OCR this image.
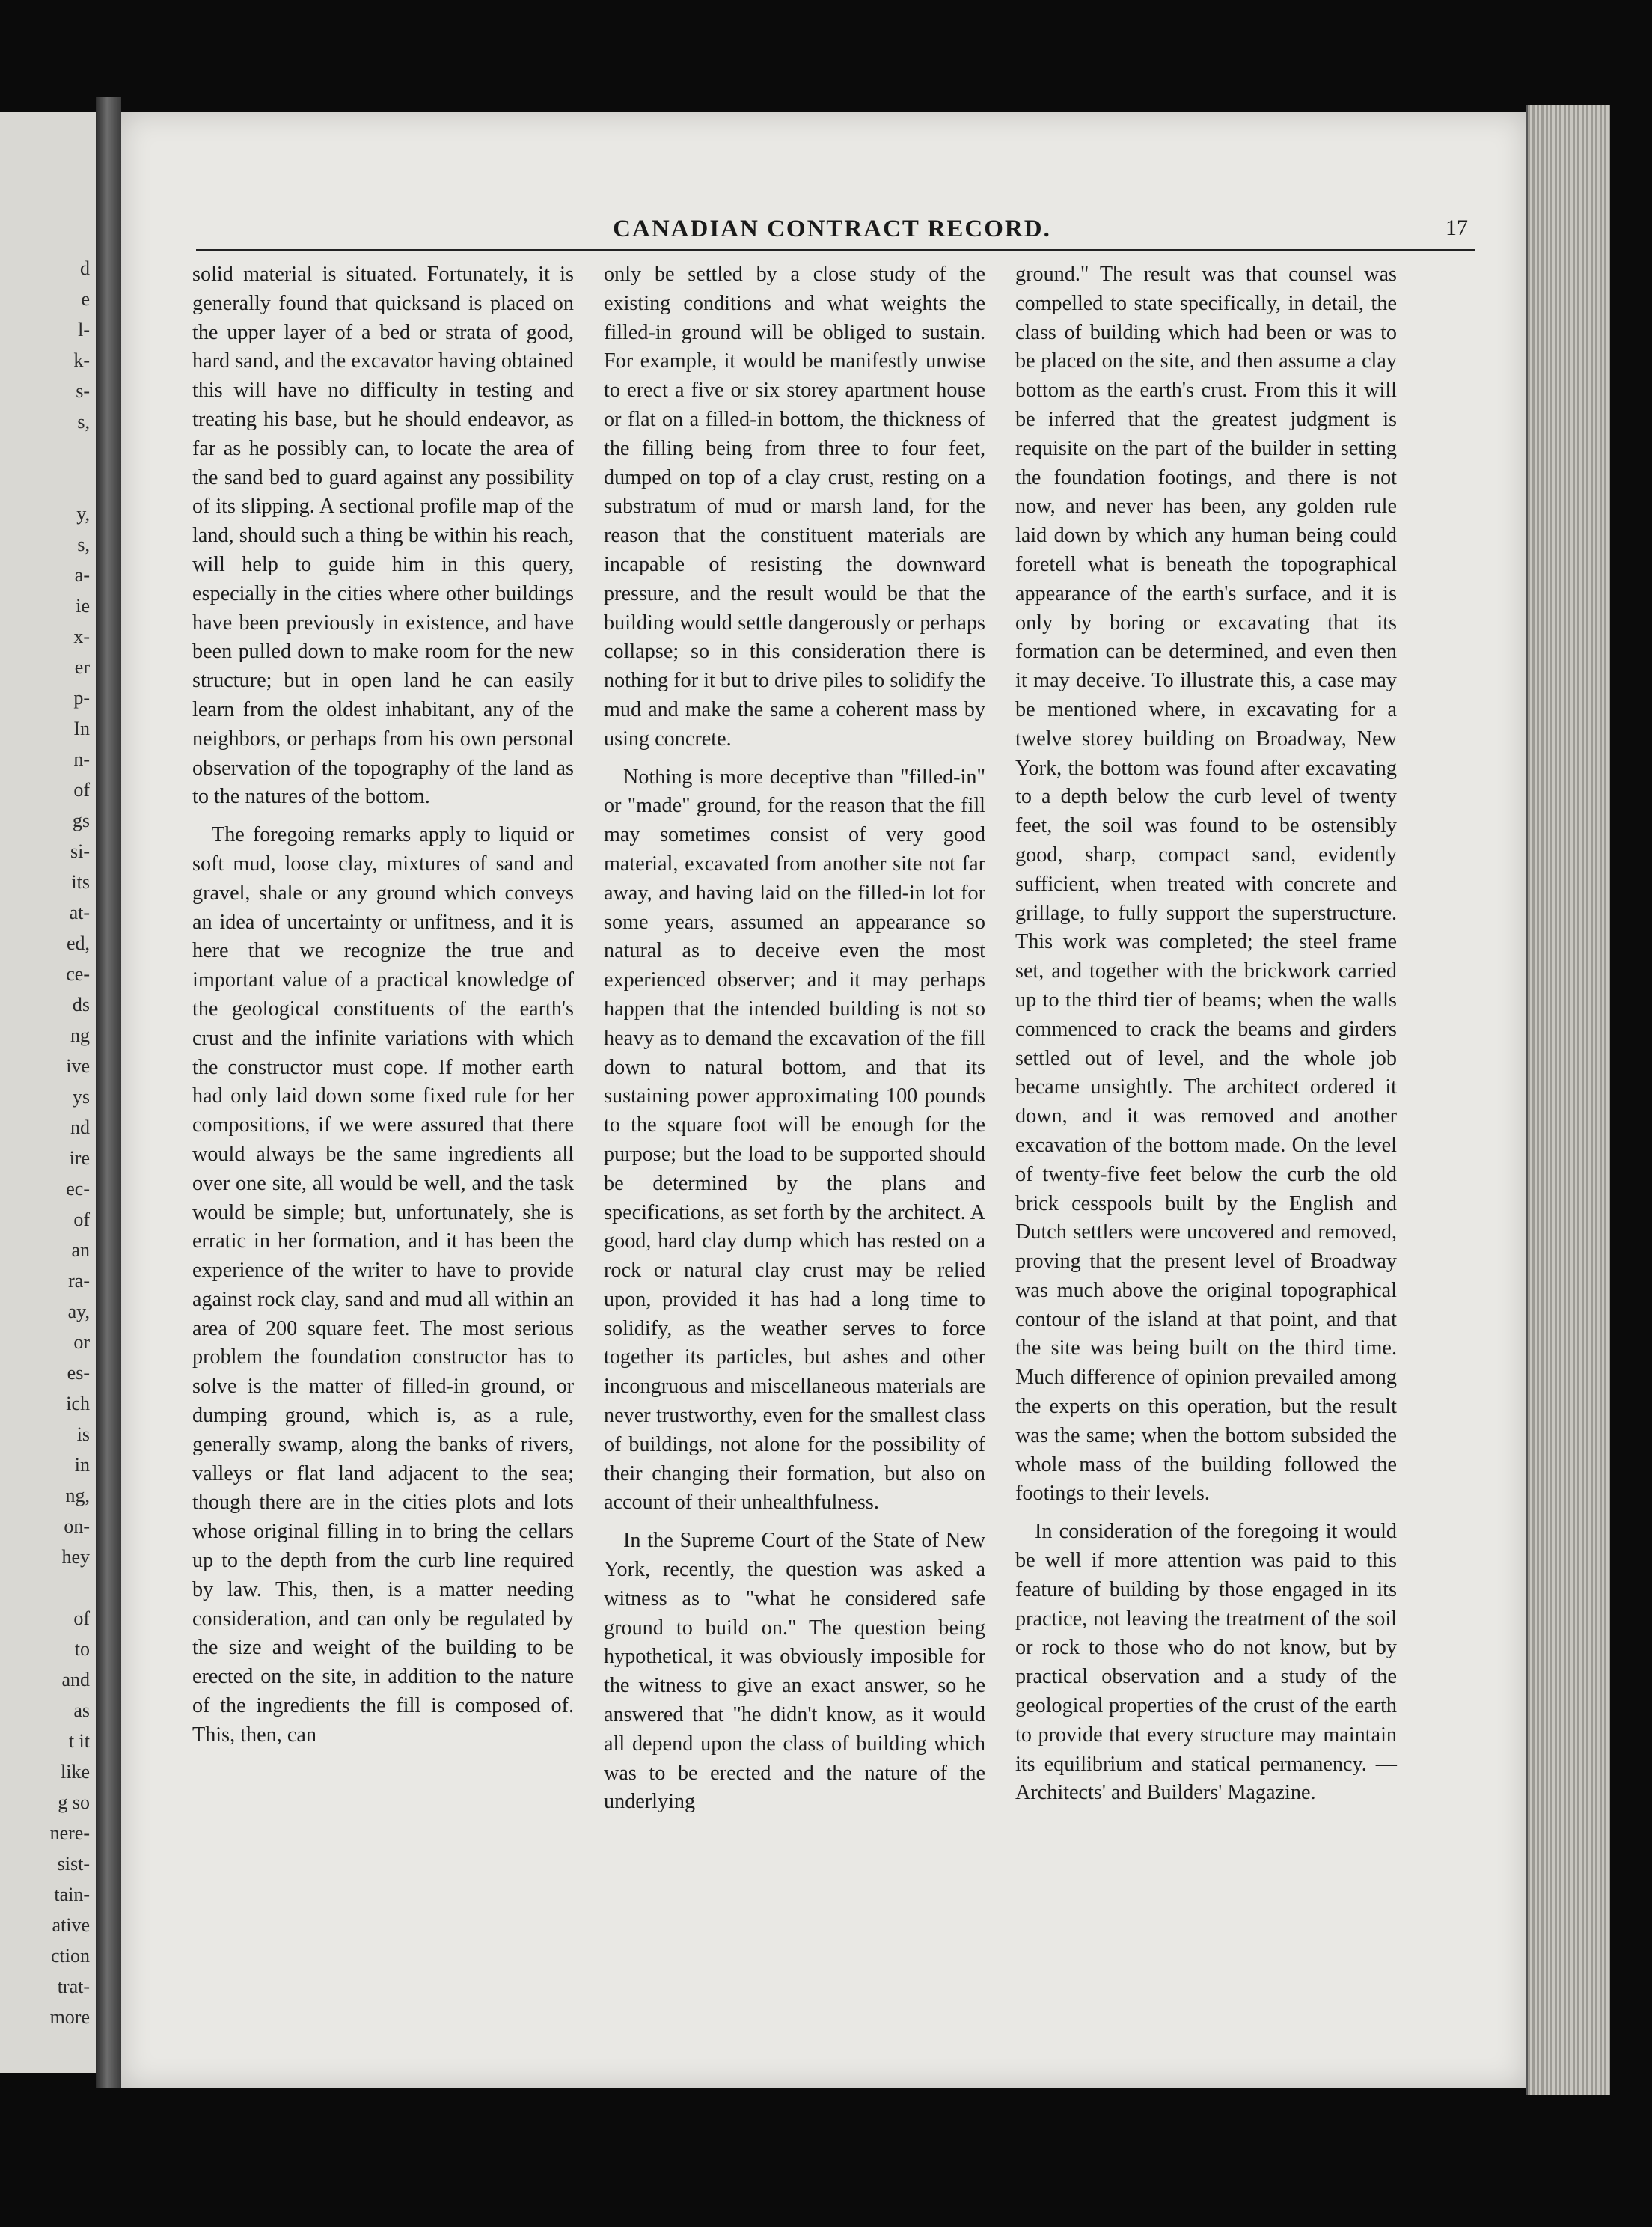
d
e
l-
k-
s-
s,
y,
s,
a-
ie
x-
er
p-
In
n-
of
gs
si-
its
at-
ed,
ce-
ds
ng
ive
ys
nd
ire
ec-
of
an
ra-
ay,
or
es-
ich
is
in
ng,
on-
hey
of
to
and
as
t it
like
g so
nere-
sist-
tain-
ative
ction
trat-
more
CANADIAN CONTRACT RECORD.	17

solid material is situated. Fortunately, it is generally found that quicksand is placed on the upper layer of a bed or strata of good, hard sand, and the excavator having obtained this will have no difficulty in testing and treating his base, but he should endeavor, as far as he possibly can, to locate the area of the sand bed to guard against any possibility of its slipping. A sectional profile map of the land, should such a thing be within his reach, will help to guide him in this query, especially in the cities where other buildings have been previously in existence, and have been pulled down to make room for the new structure; but in open land he can easily learn from the oldest inhabitant, any of the neighbors, or perhaps from his own personal observation of the topography of the land as to the natures of the bottom.

The foregoing remarks apply to liquid or soft mud, loose clay, mixtures of sand and gravel, shale or any ground which conveys an idea of uncertainty or unfitness, and it is here that we recognize the true and important value of a practical knowledge of the geological constituents of the earth's crust and the infinite variations with which the constructor must cope. If mother earth had only laid down some fixed rule for her compositions, if we were assured that there would always be the same ingredients all over one site, all would be well, and the task would be simple; but, unfortunately, she is erratic in her formation, and it has been the experience of the writer to have to provide against rock clay, sand and mud all within an area of 200 square feet. The most serious problem the foundation constructor has to solve is the matter of filled-in ground, or dumping ground, which is, as a rule, generally swamp, along the banks of rivers, valleys or flat land adjacent to the sea; though there are in the cities plots and lots whose original filling in to bring the cellars up to the depth from the curb line required by law. This, then, is a matter needing consideration, and can only be regulated by the size and weight of the building to be erected on the site, in addition to the nature of the ingredients the fill is composed of. This, then, can

only be settled by a close study of the existing conditions and what weights the filled-in ground will be obliged to sustain. For example, it would be manifestly unwise to erect a five or six storey apartment house or flat on a filled-in bottom, the thickness of the filling being from three to four feet, dumped on top of a clay crust, resting on a substratum of mud or marsh land, for the reason that the constituent materials are incapable of resisting the downward pressure, and the result would be that the building would settle dangerously or perhaps collapse; so in this consideration there is nothing for it but to drive piles to solidify the mud and make the same a coherent mass by using concrete.

Nothing is more deceptive than "filled-in" or "made" ground, for the reason that the fill may sometimes consist of very good material, excavated from another site not far away, and having laid on the filled-in lot for some years, assumed an appearance so natural as to deceive even the most experienced observer; and it may perhaps happen that the intended building is not so heavy as to demand the excavation of the fill down to natural bottom, and that its sustaining power approximating 100 pounds to the square foot will be enough for the purpose; but the load to be supported should be determined by the plans and specifications, as set forth by the architect. A good, hard clay dump which has rested on a rock or natural clay crust may be relied upon, provided it has had a long time to solidify, as the weather serves to force together its particles, but ashes and other incongruous and miscellaneous materials are never trustworthy, even for the smallest class of buildings, not alone for the possibility of their changing their formation, but also on account of their unhealthfulness.

In the Supreme Court of the State of New York, recently, the question was asked a witness as to "what he considered safe ground to build on." The question being hypothetical, it was obviously imposible for the witness to give an exact answer, so he answered that "he didn't know, as it would all depend upon the class of building which was to be erected and the nature of the underlying

ground." The result was that counsel was compelled to state specifically, in detail, the class of building which had been or was to be placed on the site, and then assume a clay bottom as the earth's crust. From this it will be inferred that the greatest judgment is requisite on the part of the builder in setting the foundation footings, and there is not now, and never has been, any golden rule laid down by which any human being could foretell what is beneath the topographical appearance of the earth's surface, and it is only by boring or excavating that its formation can be determined, and even then it may deceive. To illustrate this, a case may be mentioned where, in excavating for a twelve storey building on Broadway, New York, the bottom was found after excavating to a depth below the curb level of twenty feet, the soil was found to be ostensibly good, sharp, compact sand, evidently sufficient, when treated with concrete and grillage, to fully support the superstructure. This work was completed; the steel frame set, and together with the brickwork carried up to the third tier of beams; when the walls commenced to crack the beams and girders settled out of level, and the whole job became unsightly. The architect ordered it down, and it was removed and another excavation of the bottom made. On the level of twenty-five feet below the curb the old brick cesspools built by the English and Dutch settlers were uncovered and removed, proving that the present level of Broadway was much above the original topographical contour of the island at that point, and that the site was being built on the third time. Much difference of opinion prevailed among the experts on this operation, but the result was the same; when the bottom subsided the whole mass of the building followed the footings to their levels.

In consideration of the foregoing it would be well if more attention was paid to this feature of building by those engaged in its practice, not leaving the treatment of the soil or rock to those who do not know, but by practical observation and a study of the geological properties of the crust of the earth to provide that every structure may maintain its equilibrium and statical permanency. — Architects' and Builders' Magazine.
